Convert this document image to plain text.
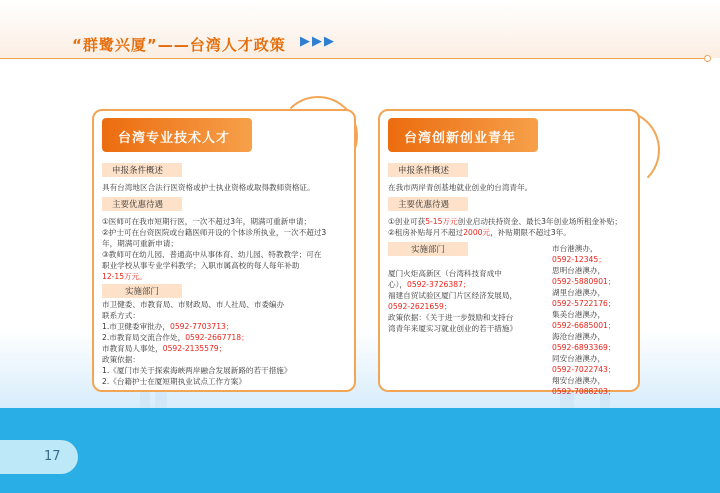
“群鹭兴厦”——台湾人才政策 ▶▶▶
17
申报条件概述
具有台湾地区合法行医资格或护士执业资格或取得教师资格证。
主要优惠待遇
①医师可在我市短期行医，一次不超过3年，期满可重新申请；
②护士可在台资医院或台籍医师开设的个体诊所执业，一次不超过3
年，期满可重新申请；
③教师可在幼儿园、普通高中从事体育、幼儿园、特教教学；可在
职业学校从事专业学科教学；入职市属高校的每人每年补助
12-15万元。
实施部门
市卫健委、市教育局、市财政局、市人社局、市委编办
联系方式：
1.市卫健委审批办，0592-7703713；
2.市教育局交流合作处，0592-2667718；
市教育局人事处，0592-2135579；
政策依据：
1.《厦门市关于探索海峡两岸融合发展新路的若干措施》
2.《台籍护士在厦短期执业试点工作方案》
台湾专业技术人才
申报条件概述
在我市两岸青创基地就业创业的台湾青年。
主要优惠待遇
①创业可获5-15万元创业启动扶持资金、最长3年创业场所租金补贴；
②租房补贴每月不超过2000元，补贴期限不超过3年。
实施部门
厦门火炬高新区（台湾科技育成中
心），0592-3726387；
福建自贸试验区厦门片区经济发展局，
0592-2621659；
政策依据：《关于进一步鼓励和支持台
湾青年来厦实习就业创业的若干措施》
市台港澳办，
0592-12345；
思明台港澳办，
0592-5880901；
湖里台港澳办，
0592-5722176；
集美台港澳办，
0592-6685001；
海沧台港澳办，
0592-6893369；
同安台港澳办，
0592-7022743；
翔安台港澳办，
0592-7088203；
台湾创新创业青年
